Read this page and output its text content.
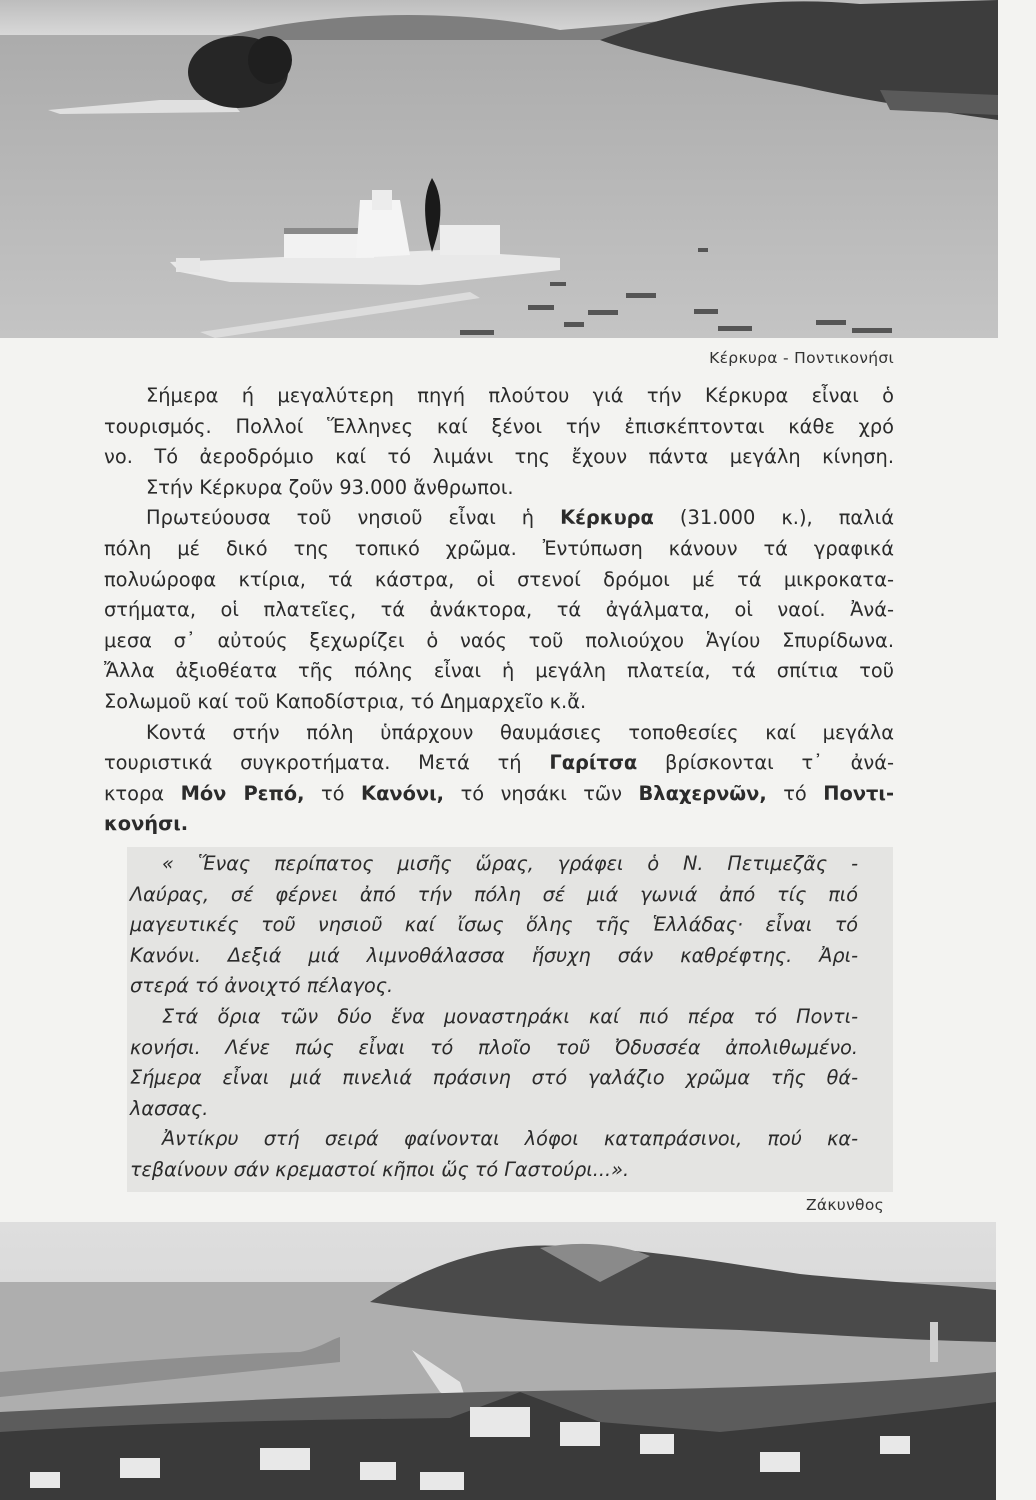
Κέρκυρα - Ποντικονήσι
Σήμερα ή μεγαλύτερη πηγή πλούτου γιά τήν Κέρκυρα εἶναι ὁ
τουρισμός. Πολλοί Ἕλληνες καί ξένοι τήν ἐπισκέπτονται κάθε χρό
νο. Τό ἀεροδρόμιο καί τό λιμάνι της ἔχουν πάντα μεγάλη κίνηση.
Στήν Κέρκυρα ζοῦν 93.000 ἄνθρωποι.
Πρωτεύουσα τοῦ νησιοῦ εἶναι ἡ Κέρκυρα (31.000 κ.), παλιά
πόλη μέ δικό της τοπικό χρῶμα. Ἐντύπωση κάνουν τά γραφικά
πολυώροφα κτίρια, τά κάστρα, οἱ στενοί δρόμοι μέ τά μικροκατα-
στήματα, οἱ πλατεῖες, τά ἀνάκτορα, τά ἀγάλματα, οἱ ναοί. Ἀνά-
μεσα σ᾽ αὐτούς ξεχωρίζει ὁ ναός τοῦ πολιούχου Ἁγίου Σπυρίδωνα.
Ἄλλα ἀξιοθέατα τῆς πόλης εἶναι ἡ μεγάλη πλατεία, τά σπίτια τοῦ
Σολωμοῦ καί τοῦ Καποδίστρια, τό Δημαρχεῖο κ.ἄ.
Κοντά στήν πόλη ὑπάρχουν θαυμάσιες τοποθεσίες καί μεγάλα
τουριστικά συγκροτήματα. Μετά τή Γαρίτσα βρίσκονται τ᾽ ἀνά-
κτορα Μόν Ρεπό, τό Κανόνι, τό νησάκι τῶν Βλαχερνῶν, τό Ποντι-
κονήσι.
« Ἕνας περίπατος μισῆς ὥρας, γράφει ὁ Ν. Πετιμεζᾶς -
Λαύρας, σέ φέρνει ἀπό τήν πόλη σέ μιά γωνιά ἀπό τίς πιό
μαγευτικές τοῦ νησιοῦ καί ἴσως ὅλης τῆς Ἑλλάδας· εἶναι τό
Κανόνι. Δεξιά μιά λιμνοθάλασσα ἥσυχη σάν καθρέφτης. Ἀρι-
στερά τό ἀνοιχτό πέλαγος.
Στά ὅρια τῶν δύο ἕνα μοναστηράκι καί πιό πέρα τό Ποντι-
κονήσι. Λένε πώς εἶναι τό πλοῖο τοῦ Ὀδυσσέα ἀπολιθωμένο.
Σήμερα εἶναι μιά πινελιά πράσινη στό γαλάζιο χρῶμα τῆς θά-
λασσας.
Ἀντίκρυ στή σειρά φαίνονται λόφοι καταπράσινοι, πού κα-
τεβαίνουν σάν κρεμαστοί κῆποι ὥς τό Γαστούρι...».
Ζάκυνθος
